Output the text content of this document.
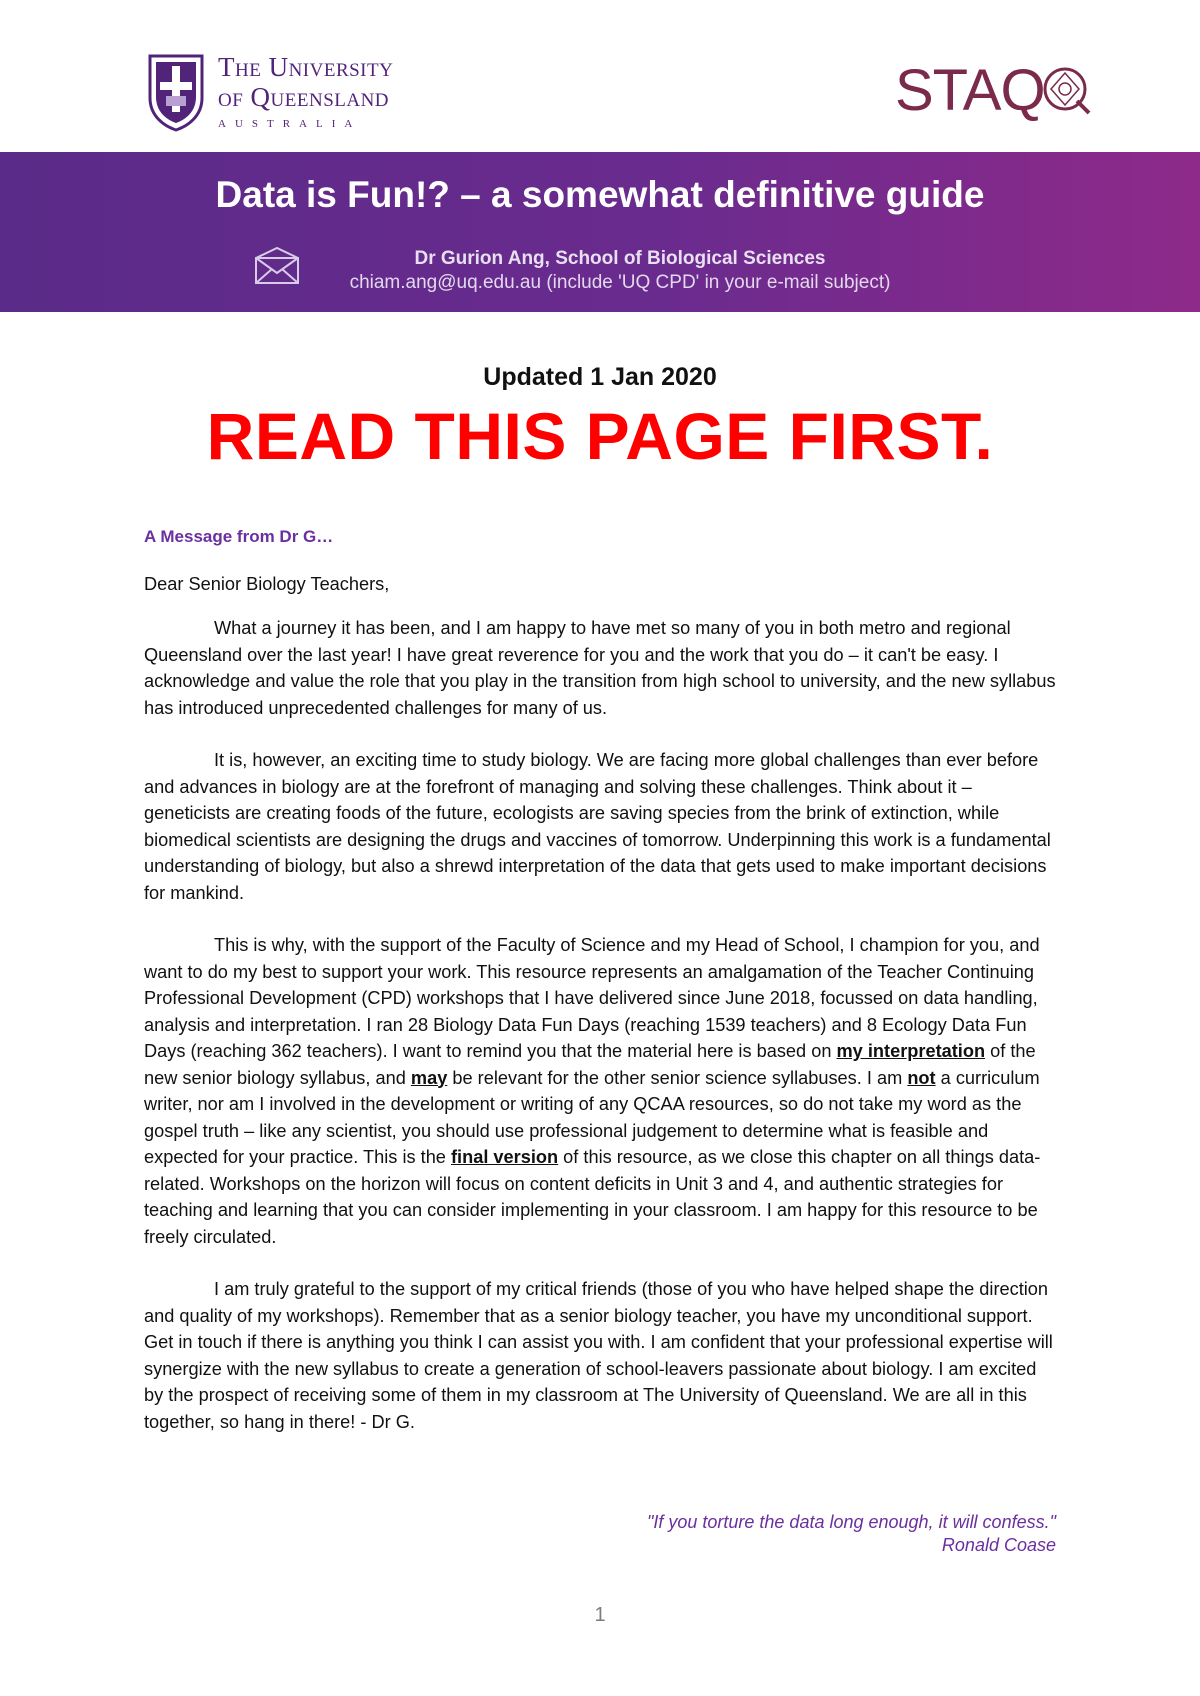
The University
of Queensland
AUSTRALIA
STAQ
Data is Fun!? – a somewhat definitive guide
Dr Gurion Ang, School of Biological Sciences
chiam.ang@uq.edu.au (include 'UQ CPD' in your e-mail subject)
Updated 1 Jan 2020
READ THIS PAGE FIRST.

A Message from Dr G…

Dear Senior Biology Teachers,

What a journey it has been, and I am happy to have met so many of you in both metro and regional Queensland over the last year! I have great reverence for you and the work that you do – it can't be easy. I acknowledge and value the role that you play in the transition from high school to university, and the new syllabus has introduced unprecedented challenges for many of us.

It is, however, an exciting time to study biology. We are facing more global challenges than ever before and advances in biology are at the forefront of managing and solving these challenges. Think about it – geneticists are creating foods of the future, ecologists are saving species from the brink of extinction, while biomedical scientists are designing the drugs and vaccines of tomorrow. Underpinning this work is a fundamental understanding of biology, but also a shrewd interpretation of the data that gets used to make important decisions for mankind.

This is why, with the support of the Faculty of Science and my Head of School, I champion for you, and want to do my best to support your work. This resource represents an amalgamation of the Teacher Continuing Professional Development (CPD) workshops that I have delivered since June 2018, focussed on data handling, analysis and interpretation. I ran 28 Biology Data Fun Days (reaching 1539 teachers) and 8 Ecology Data Fun Days (reaching 362 teachers). I want to remind you that the material here is based on my interpretation of the new senior biology syllabus, and may be relevant for the other senior science syllabuses. I am not a curriculum writer, nor am I involved in the development or writing of any QCAA resources, so do not take my word as the gospel truth – like any scientist, you should use professional judgement to determine what is feasible and expected for your practice. This is the final version of this resource, as we close this chapter on all things data-related. Workshops on the horizon will focus on content deficits in Unit 3 and 4, and authentic strategies for teaching and learning that you can consider implementing in your classroom. I am happy for this resource to be freely circulated.

I am truly grateful to the support of my critical friends (those of you who have helped shape the direction and quality of my workshops). Remember that as a senior biology teacher, you have my unconditional support. Get in touch if there is anything you think I can assist you with. I am confident that your professional expertise will synergize with the new syllabus to create a generation of school-leavers passionate about biology. I am excited by the prospect of receiving some of them in my classroom at The University of Queensland. We are all in this together, so hang in there! - Dr G.

"If you torture the data long enough, it will confess."
Ronald Coase
1
